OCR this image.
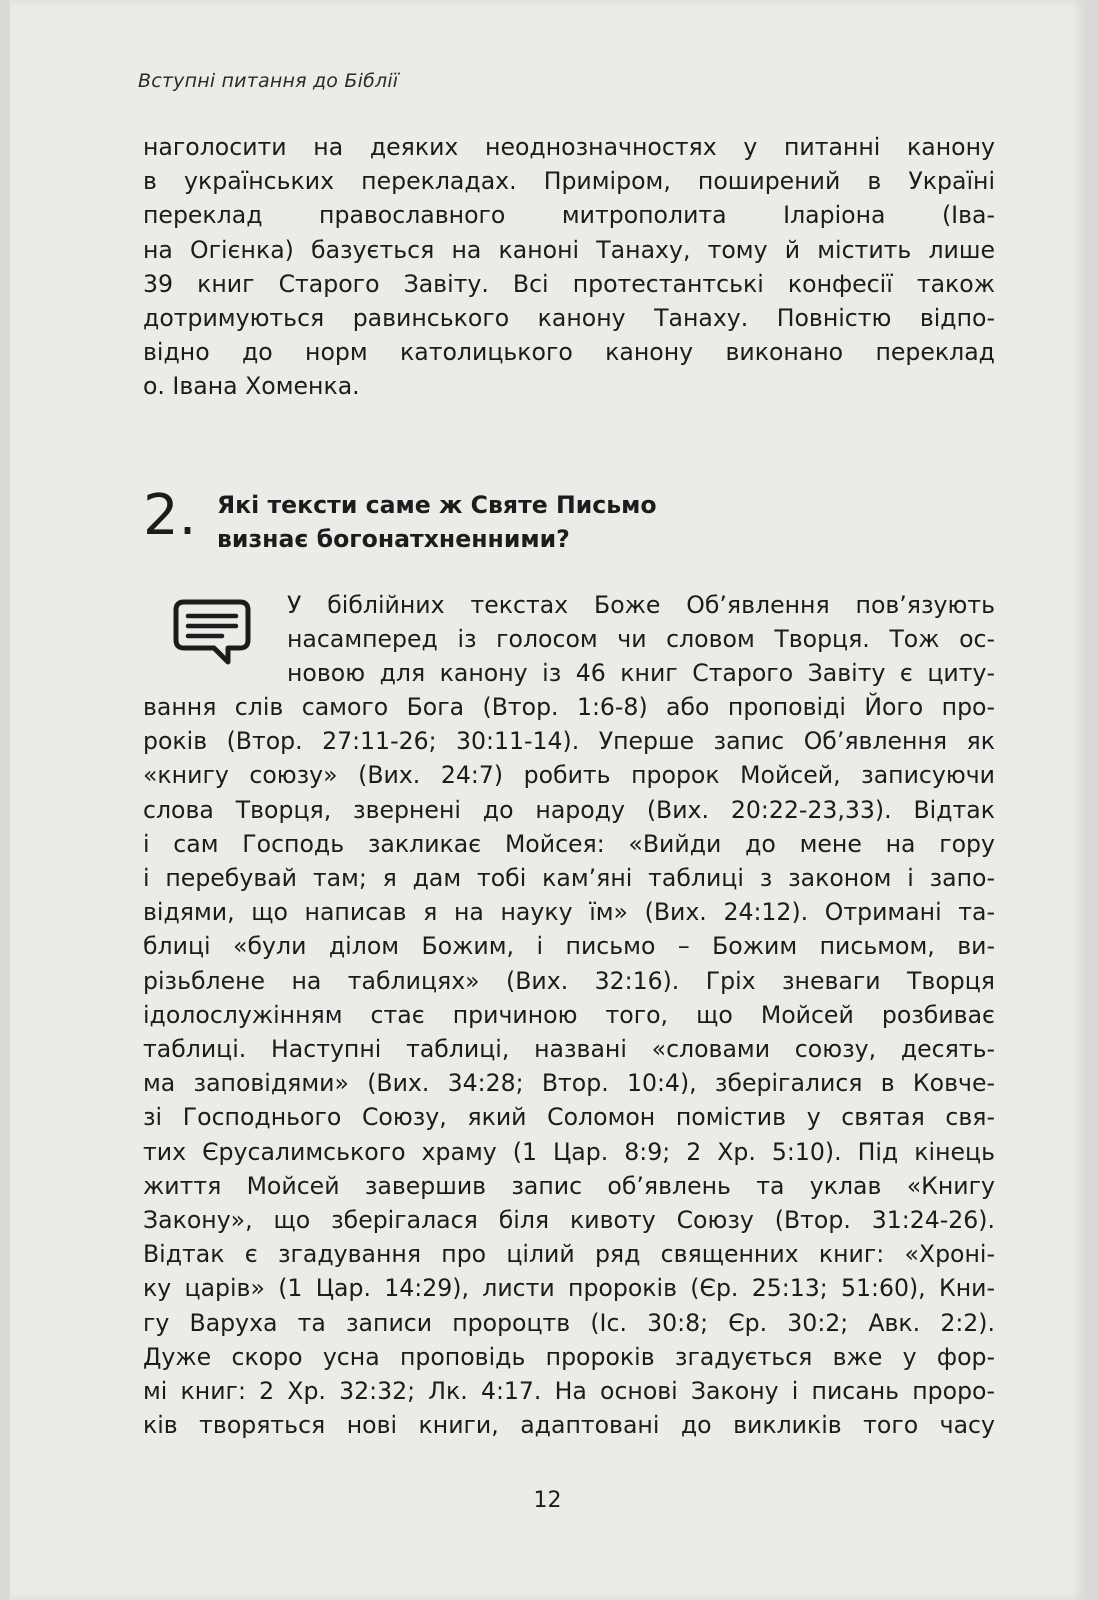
Вступні питання до Біблії
наголосити на деяких неоднозначностях у питанні канону
в українських перекладах. Приміром, поширений в Україні
переклад православного митрополита Іларіона (Іва-
на Огієнка) базується на каноні Танаху, тому й містить лише
39 книг Старого Завіту. Всі протестантські конфесії також
дотримуються равинського канону Танаху. Повністю відпо-
відно до норм католицького канону виконано переклад
о. Івана Хоменка.
2. Які тексти саме ж Святе Письмо
визнає богонатхненними?
У біблійних текстах Боже Об’явлення пов’язують
насамперед із голосом чи словом Творця. Тож ос-
новою для канону із 46 книг Старого Завіту є циту-
вання слів самого Бога (Втор. 1:6-8) або проповіді Його про-
років (Втор. 27:11-26; 30:11-14). Уперше запис Об’явлення як
«книгу союзу» (Вих. 24:7) робить пророк Мойсей, записуючи
слова Творця, звернені до народу (Вих. 20:22-23,33). Відтак
і сам Господь закликає Мойсея: «Вийди до мене на гору
і перебувай там; я дам тобі кам’яні таблиці з законом і запо-
відями, що написав я на науку їм» (Вих. 24:12). Отримані та-
блиці «були ділом Божим, і письмо – Божим письмом, ви-
різьблене на таблицях» (Вих. 32:16). Гріх зневаги Творця
ідолослужінням стає причиною того, що Мойсей розбиває
таблиці. Наступні таблиці, названі «словами союзу, десять-
ма заповідями» (Вих. 34:28; Втор. 10:4), зберігалися в Ковче-
зі Господнього Союзу, який Соломон помістив у святая свя-
тих Єрусалимського храму (1 Цар. 8:9; 2 Хр. 5:10). Під кінець
життя Мойсей завершив запис об’явлень та уклав «Книгу
Закону», що зберігалася біля кивоту Союзу (Втор. 31:24-26).
Відтак є згадування про цілий ряд священних книг: «Хроні-
ку царів» (1 Цар. 14:29), листи пророків (Єр. 25:13; 51:60), Кни-
гу Варуха та записи пророцтв (Іс. 30:8; Єр. 30:2; Авк. 2:2).
Дуже скоро усна проповідь пророків згадується вже у фор-
мі книг: 2 Хр. 32:32; Лк. 4:17. На основі Закону і писань проро-
ків творяться нові книги, адаптовані до викликів того часу
12
